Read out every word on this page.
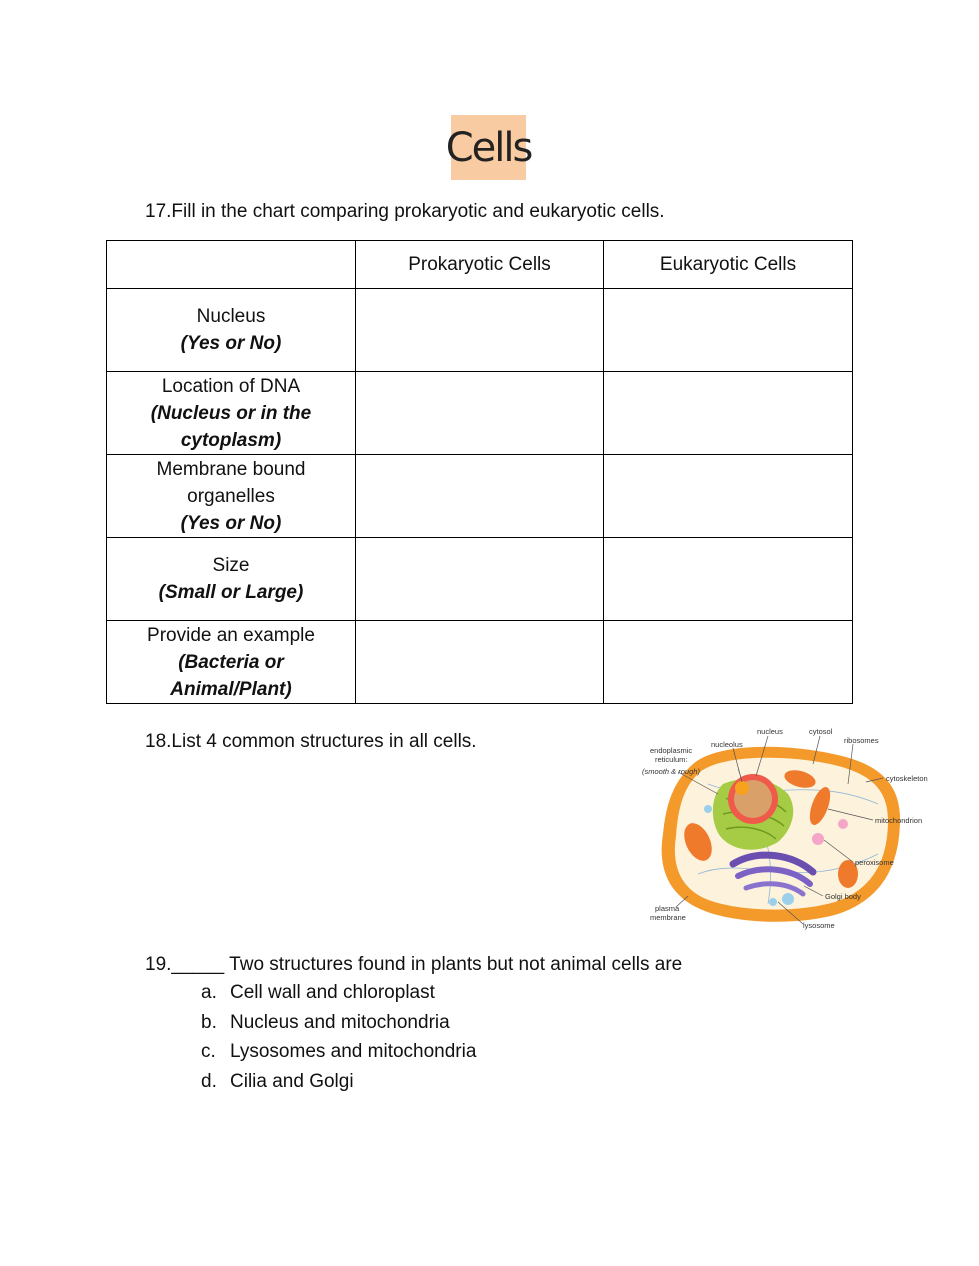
Cells
17.Fill in the chart comparing prokaryotic and eukaryotic cells.
	Prokaryotic Cells	Eukaryotic Cells
Nucleus
(Yes or No)		

Location of DNA
(Nucleus or in the cytoplasm)		

Membrane bound organelles
(Yes or No)		

Size
(Small or Large)		

Provide an example
(Bacteria or Animal/Plant)		

18.List 4 common structures in all cells.	nucleus	cytosol
ribosomes
nucleolus
endoplasmic
reticulum:
(smooth & rough)
cytoskeleton
mitochondrion
peroxisome
Golgi body
plasma
membrane
lysosome
19._____ Two structures found in plants but not animal cells are
a. Cell wall and chloroplast
b. Nucleus and mitochondria
c. Lysosomes and mitochondria
d. Cilia and Golgi
